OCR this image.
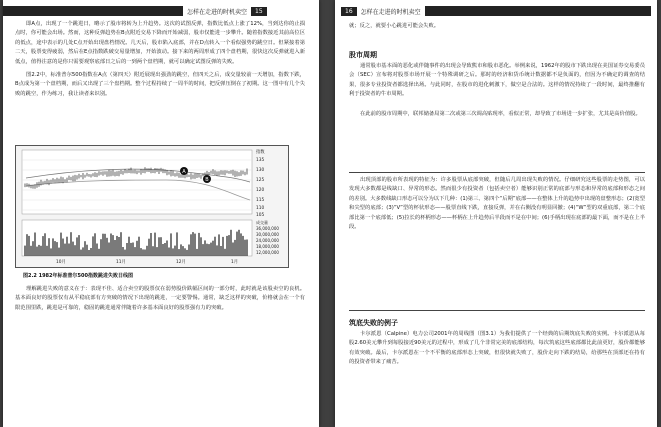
怎样在走进的时机卖空	15

即A点，出现了一个跳进日，略示了股市将转为上升趋势。这次的试图反弹，指数比低点上涨了12%，当到达你的止损点时，你可能会出场。然而，这种反弹趋势在B点附近交易下降而开始减弱，股市仅能进一步攀升。随着指数接近其前高位区的低点，途中表示的几处C点开始出现盘档情况。几天后，股市陷入底部，并在D点转入一个看似强势的跳空日。但紧接着第二天，股票变得疲弱，然后在E点指数跌破交易量增加，开始波动。接下来的两周形成了四个盘档期，很快这次反弹就进入新低点，值得注意的是你只需要观察底部日之后的一到两个盘档期，就可以确定试图反弹的失败。

图2.2中，标准普尔500指数在A点（第四天）附近展现出强劲的跳空，但四天之后，成交量较前一天增加，指数下跌，B点成为第一个盘档期，而后又出现了三个盘档期。整个过程持续了一周半的时间，把反弹压倒在了初期。这一图中有几个失败的跳空，作为练习，我让读者来识别。

A
B
指数
135
130
125
120
115
110
105
成交量
36,000,000
30,000,000
24,000,000
18,000,000
12,000,000
10月	11月	12月	1月
图2.2 1982年标准普尔500指数跳进失败日线图

理解跳进失败的意义在于：表现不佳、适合卖空的股票仅在弱势股价跌幅区间的一部分时，此时就是该股卖空的良机。基本面良好的股票仅有从平稳底部有方突破的情况下出现的跳进，一定要警惕。通常，缺乏这样的突破，价格就会在一个有限范围里跌，跳进是可靠的，稳固的跳进通常伴随着许多基本面良好的股票强有力的突破。

16	怎样在走进的时机卖空

就；反之，就要小心跳进可能会失败。

股市周期

通常股市基本面的恶化或伴随事件的出现会导致熊市和股市恶化。举例来说，1962年的股市下跌出现在美国证券交易委员会（SEC）宣布将对股票市场开展一个特殊调研之后。那时的经济和货币统计数据都不是负面的，但因为不确定的调查的结果，很多专业投资者都选择出场。与此同时，在股市的进化刺激下，做空是合法的。这样的情况持续了一段时间，最终推翻有利于投资者的牛市周期。

在此前的股市周期中，联邦储备局第二次或第三次调高贴现率，看似正常，却导致了市场进一步扩张，尤其是高价值股。

出现顶部的股市所表现的特征为：许多股票从底部突破，但随后几周出现失败的情况。仔细研究这些股票的走势图，可以发现大多数都是线缺口、异常的形态。然而很少有投资者（包括卖空者）能够识别正常的底部与形态和异常的底部和形态之间的差别。大多数线缺口形态可以分为以下几种：(1)第三、第四个“后期”底部——在整体上升的趋势中出现的盘整形态；(2)宽型和尖型的底部；(3)“V”型的杯状形态——股票直线下跌，直接反弹，并在右侧没有明显回撤；(4)“W”型的双重底部，第二个底部比第一个底部低；(5)拉长的杯柄形态——杯柄在上升趋势后半段而不是在中间；(6)手柄出现在底部的最下面，而不是在上半段。

筑底失败的例子

卡尔派恩（Calpine）电力公司2001年的周线图（图3.1）为我们提供了一个经典的后期筑底失败的实例。卡尔派恩从每股2.60美元攀升到每股接近90美元的过程中，形成了几个非常完美的底部结构，每次筑底这些底部都比此前更好，股价都能够有效突破。最后，卡尔派恩在一个不平衡的底部形态上突破，但很快就失败了，股价走向下跌的结局，给那些在顶部还在持有的投资者带来了痛苦。
